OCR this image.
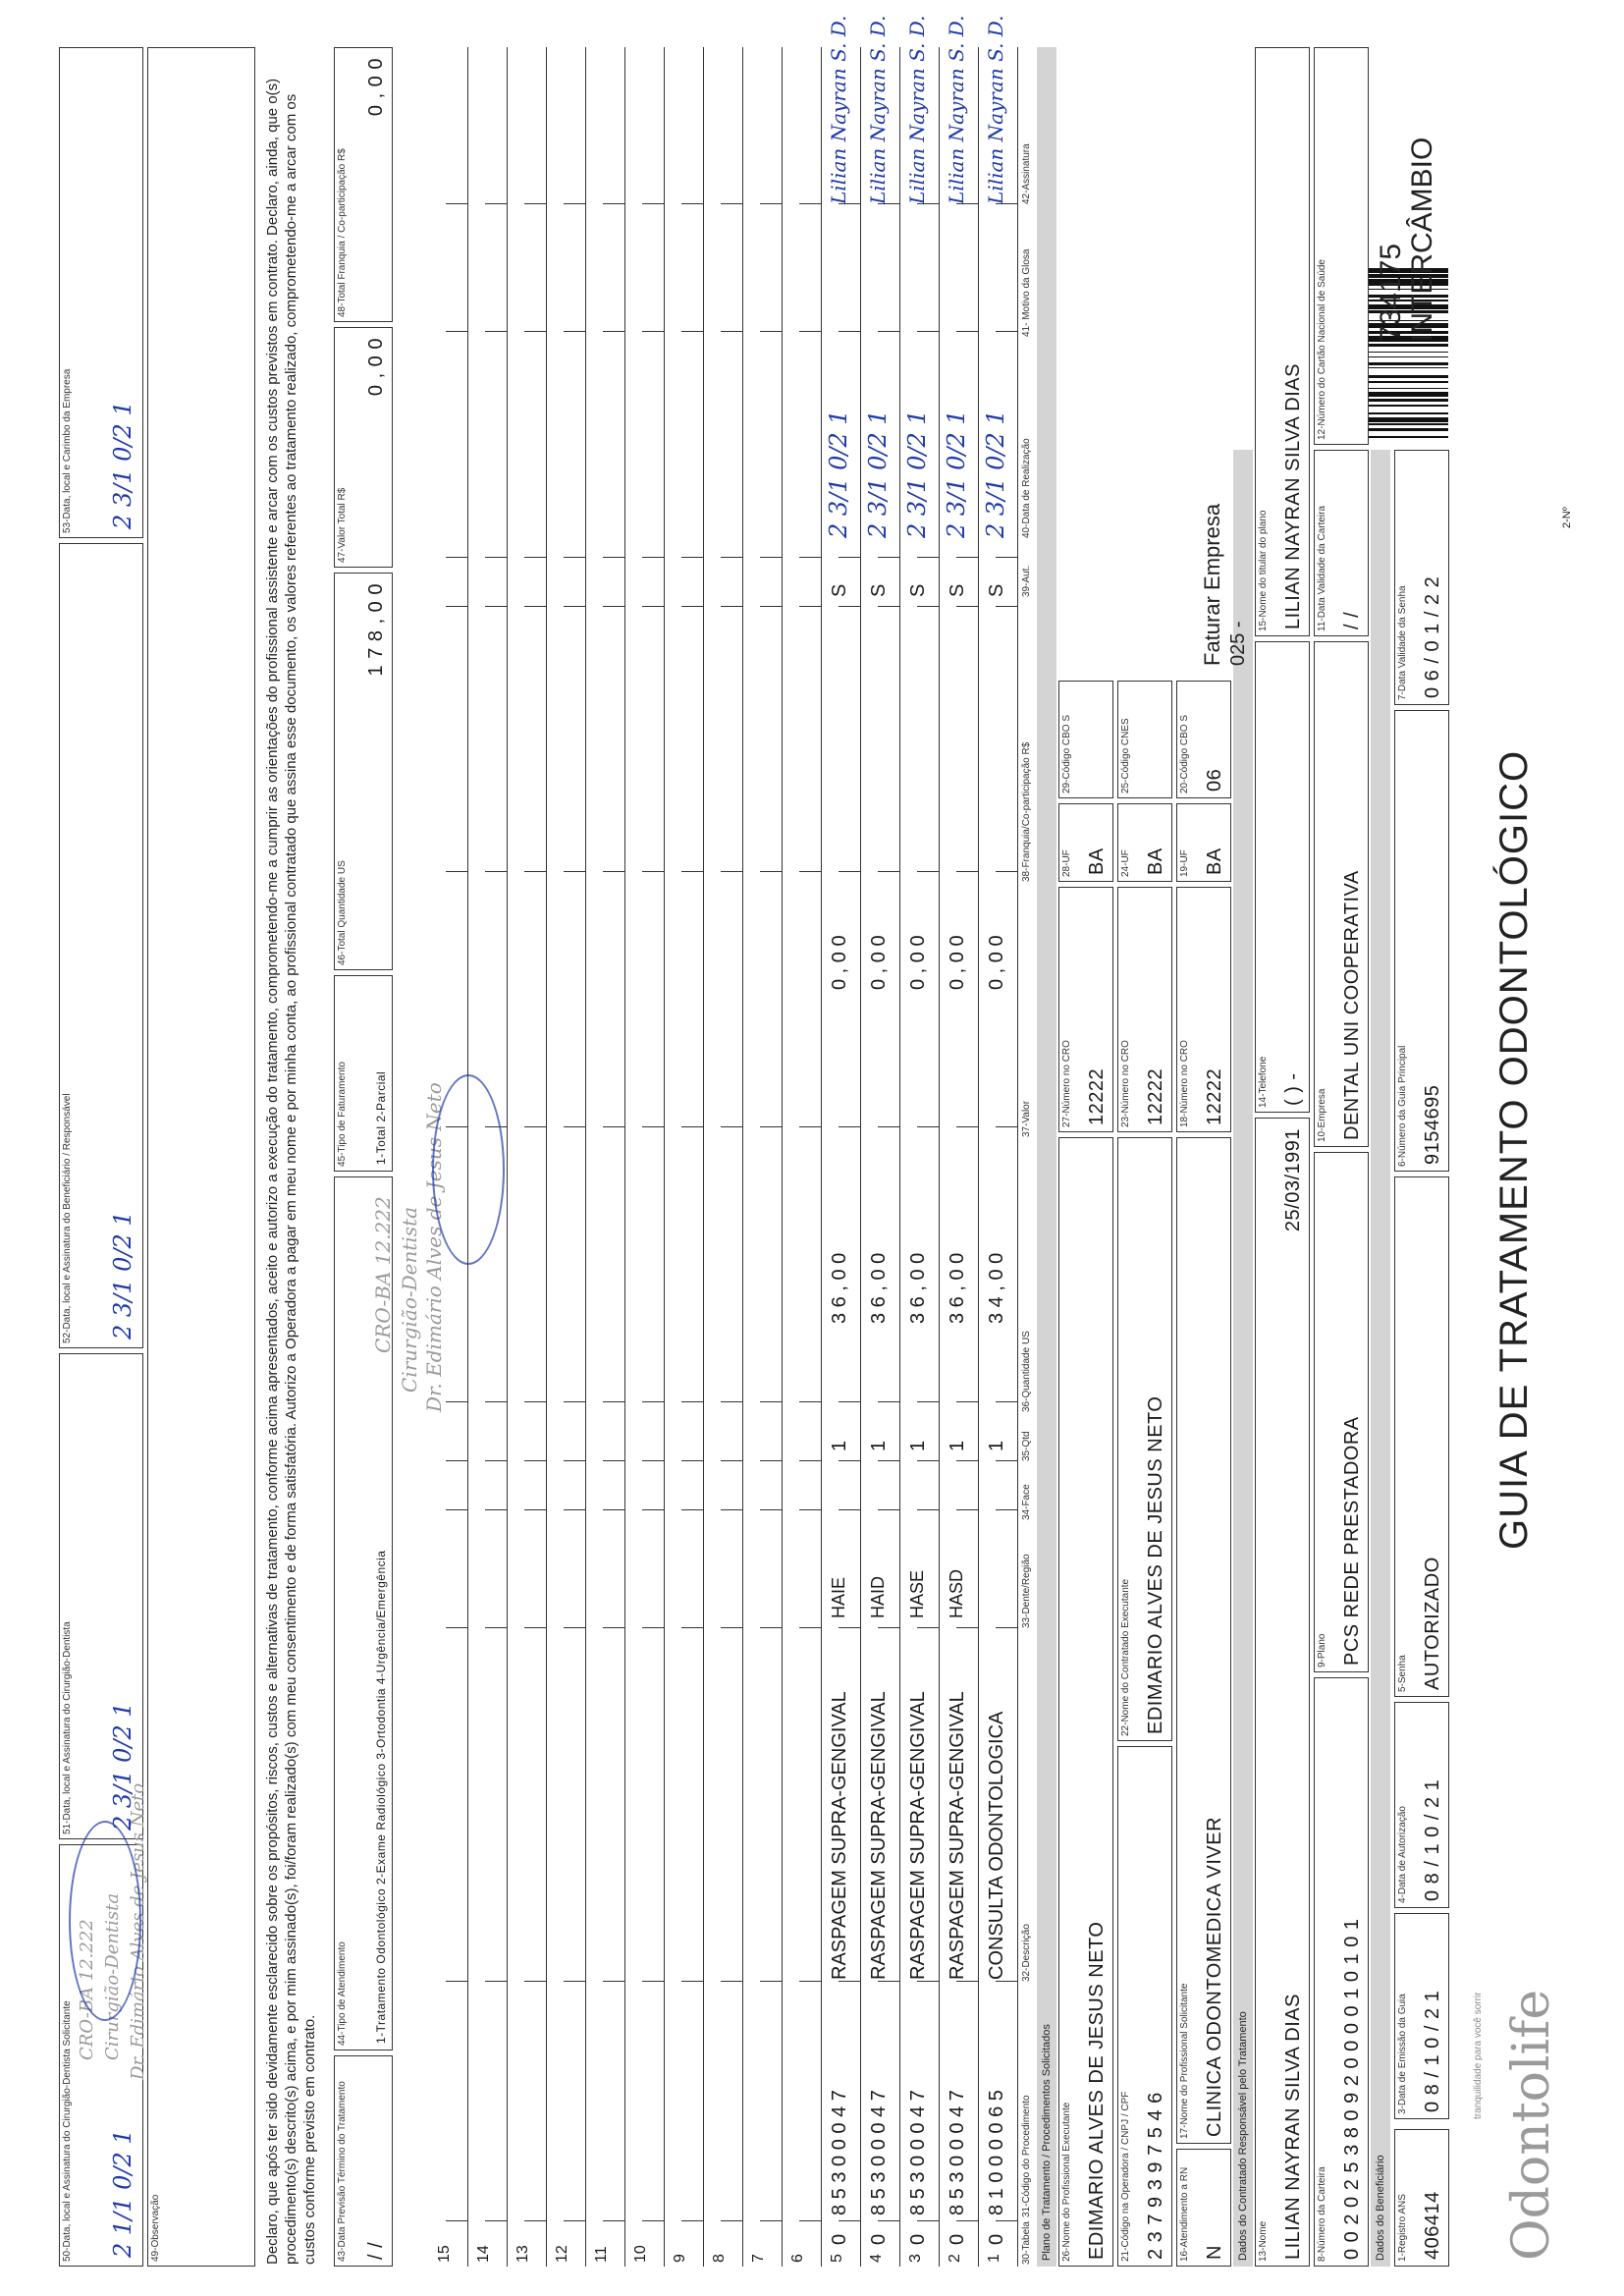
Odontolife
tranquilidade para você sorrir
GUIA DE TRATAMENTO ODONTOLÓGICO
2-Nº
734175 INTERCÂMBIO
1-Registro ANS 406414
3-Data de Emissão da Guia 0 8 / 1 0 / 2 1
4-Data de Autorização 0 8 / 1 0 / 2 1
5-Senha AUTORIZADO
6-Número da Guia Principal 9154695
7-Data Validade da Senha 0 6 / 0 1 / 2 2
Dados do Beneficiário
8-Número da Carteira 0 0 2 0 2 5 3 8 0 9 2 0 0 0 0 1 0 1 0 1
9-Plano PCS REDE PRESTADORA
10-Empresa DENTAL UNI COOPERATIVA
11-Data Validade da Carteira / /
12-Número do Cartão Nacional de Saúde
13-Nome LILIAN NAYRAN SILVA DIAS
25/03/1991
14-Telefone ( ) -
15-Nome do titular do plano LILIAN NAYRAN SILVA DIAS
Dados do Contratado Responsável pelo Tratamento
16-Atendimento a RN N
17-Nome do Profissional Solicitante CLINICA ODONTOMEDICA VIVER
18-Número no CRO 12222
19-UF BA
20-Código CBO S 06
21-Código na Operadora / CNPJ / CPF 2 3 7 9 3 9 7 5 4 6
22-Nome do Contratado Executante EDIMARIO ALVES DE JESUS NETO
23-Número no CRO 12222
24-UF BA
25-Código CNES
26-Nome do Profissional Executante EDIMARIO ALVES DE JESUS NETO
27-Número no CRO 12222
28-UF BA
29-Código CBO S
025 -
Faturar Empresa
Plano de Tratamento / Procedimentos Solicitados
30-Tabela
31-Código do Procedimento
32-Descrição
33-Dente/Região
34-Face
35-Qtd
36-Quantidade US
37-Valor
38-Franquia/Co-participação R$
39-Aut.
40-Data de Realização
41- Motivo da Glosa
42-Assinatura
1
0
8 1 0 0 0 0 6 5
CONSULTA ODONTOLOGICA
1
3 4 , 0 0
0 , 0 0
S
2 3/1 0/2 1
Lilian Nayran S. D.
2
0
8 5 3 0 0 0 4 7
RASPAGEM SUPRA-GENGIVAL
HASD
1
3 6 , 0 0
0 , 0 0
S
2 3/1 0/2 1
Lilian Nayran S. D.
3
0
8 5 3 0 0 0 4 7
RASPAGEM SUPRA-GENGIVAL
HASE
1
3 6 , 0 0
0 , 0 0
S
2 3/1 0/2 1
Lilian Nayran S. D.
4
0
8 5 3 0 0 0 4 7
RASPAGEM SUPRA-GENGIVAL
HAID
1
3 6 , 0 0
0 , 0 0
S
2 3/1 0/2 1
Lilian Nayran S. D.
5
0
8 5 3 0 0 0 4 7
RASPAGEM SUPRA-GENGIVAL
HAIE
1
3 6 , 0 0
0 , 0 0
S
2 3/1 0/2 1
Lilian Nayran S. D.
6
7
8
9
10
11
12
13
14
15
43-Data Previsão Término do Tratamento / /
44-Tipo de Atendimento 1-Tratamento Odontológico 2-Exame Radiológico 3-Ortodontia 4-Urgência/Emergência
45-Tipo de Faturamento 1-Total 2-Parcial
46-Total Quantidade US
1 7 8 , 0 0
47-Valor Total R$
0 , 0 0
48-Total Franquia / Co-participação R$
0 , 0 0
Declaro, que após ter sido devidamente esclarecido sobre os propósitos, riscos, custos e alternativas de tratamento, conforme acima apresentados, aceito e autorizo a execução do tratamento, comprometendo-me a cumprir as orientações do profissional assistente e arcar com os custos previstos em contrato. Declaro, ainda, que o(s) procedimento(s) descrito(s) acima, e por mim assinado(s), foi/foram realizado(s) com meu consentimento e de forma satisfatória. Autorizo a Operadora a pagar em meu nome e por minha conta, ao profissional contratado que assina esse documento, os valores referentes ao tratamento realizado, comprometendo-me a arcar com os custos conforme previsto em contrato.
49-Observação
50-Data, local e Assinatura do Cirurgião-Dentista Solicitante 2 1/1 0/2 1
51-Data, local e Assinatura do Cirurgião-Dentista 2 3/1 0/2 1
52-Data, local e Assinatura do Beneficiário / Responsável 2 3/1 0/2 1
53-Data, local e Carimbo da Empresa 2 3/1 0/2 1
Dr. Edimário Alves de Jesus Neto
Cirurgião-Dentista
CRO-BA 12.222
Dr. Edimário Alves de Jesus Neto
Cirurgião-Dentista
CRO-BA 12.222
